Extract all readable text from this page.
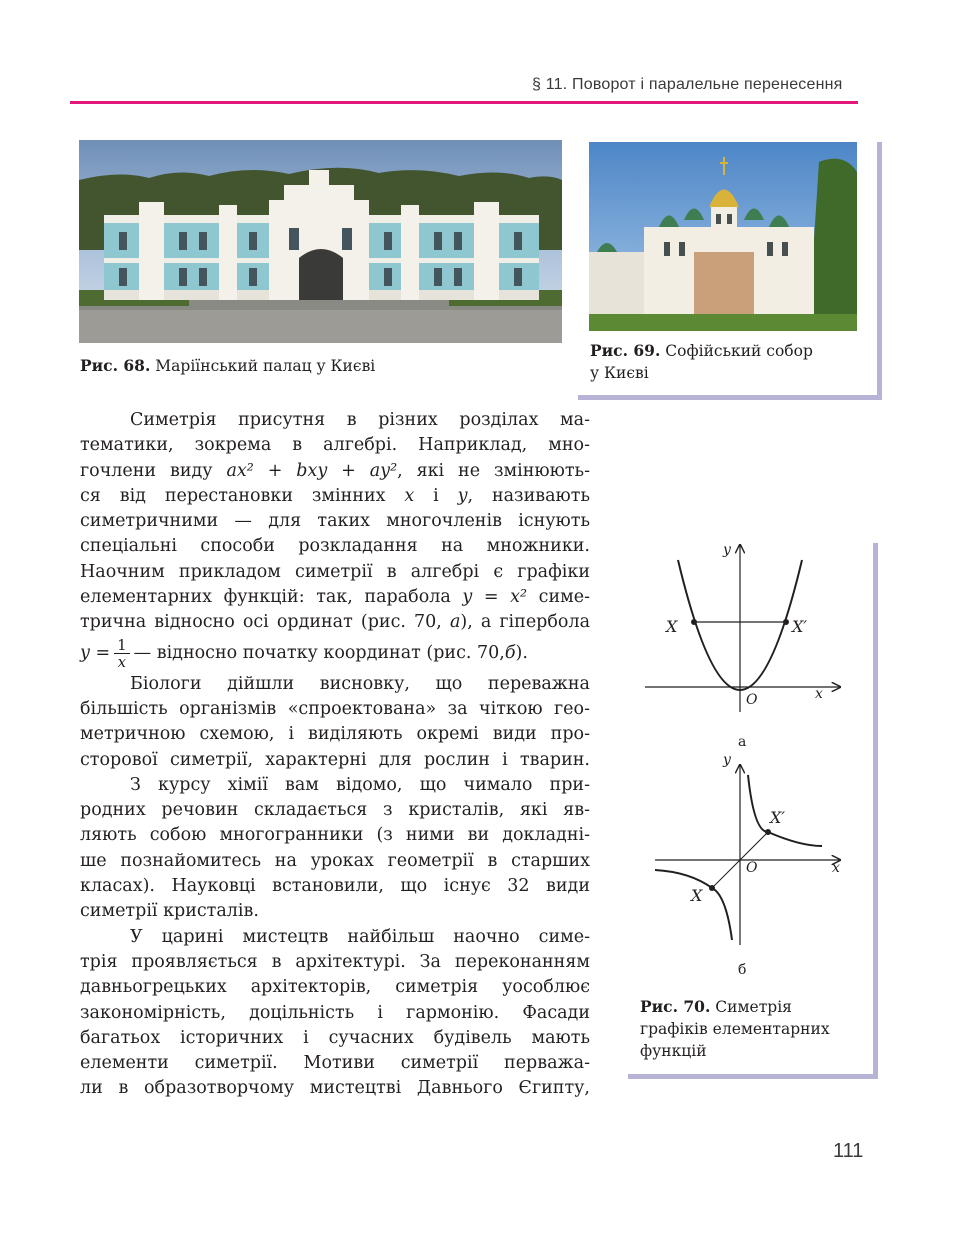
§ 11. Поворот і паралельне перенесення
Рис. 68. Маріїнський палац у Києві
Рис. 69. Софійський собор
у Києві
Симетрія присутня в різних розділах ма-
тематики, зокрема в алгебрі. Наприклад, мно-
гочлени виду ax² + bxy + ay², які не змінюють-
ся від перестановки змінних x і y, називають
симетричними — для таких многочленів існують
спеціальні способи розкладання на множники.
Наочним прикладом симетрії в алгебрі є графіки
елементарних функцій: так, парабола y = x² симе-
трична відносно осі ординат (рис. 70, а), а гіпербола
$y = \frac{1}{x}$ — відносно початку координат (рис. 70, б ).
Біологи дійшли висновку, що переважна
більшість організмів «спроектована» за чіткою гео-
метричною схемою, і виділяють окремі види про-
сторової симетрії, характерні для рослин і тварин.
З курсу хімії вам відомо, що чимало при-
родних речовин складається з кристалів, які яв-
ляють собою многогранники (з ними ви докладні-
ше познайомитесь на уроках геометрії в старших
класах). Науковці встановили, що існує 32 види
симетрії кристалів.
У царині мистецтв найбільш наочно симе-
трія проявляється в архітектурі. За переконанням
давньогрецьких архітекторів, симетрія уособлює
закономірність, доцільність і гармонію. Фасади
багатьох історичних і сучасних будівель мають
елементи симетрії. Мотиви симетрії перважа-
ли в образотворчому мистецтві Давнього Єгипту,
y
x
O
X	X′
а
y
x
O
X′
X
б
Рис. 70. Симетрія
графіків елементарних
функцій
111
